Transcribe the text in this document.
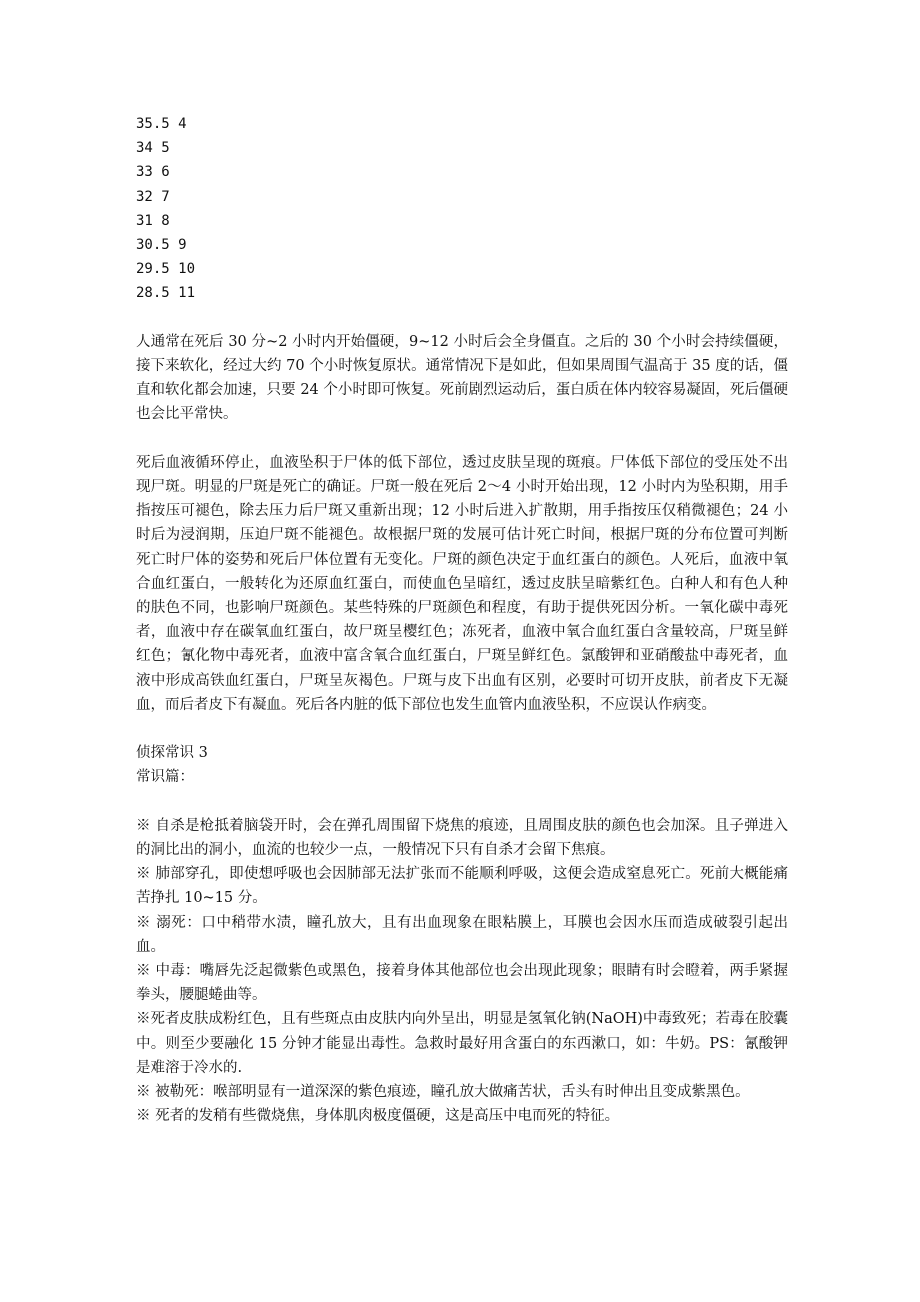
35.5 4
34 5
33 6
32 7
31 8
30.5 9
29.5 10
28.5 11

人通常在死后 30 分~2 小时内开始僵硬，9~12 小时后会全身僵直。之后的 30 个小时会持续僵硬，接下来软化，经过大约 70 个小时恢复原状。通常情况下是如此，但如果周围气温高于 35 度的话，僵直和软化都会加速，只要 24 个小时即可恢复。死前剧烈运动后，蛋白质在体内较容易凝固，死后僵硬也会比平常快。

死后血液循环停止，血液坠积于尸体的低下部位，透过皮肤呈现的斑痕。尸体低下部位的受压处不出现尸斑。明显的尸斑是死亡的确证。尸斑一般在死后 2～4 小时开始出现，12 小时内为坠积期，用手指按压可褪色，除去压力后尸斑又重新出现；12 小时后进入扩散期，用手指按压仅稍微褪色；24 小时后为浸润期，压迫尸斑不能褪色。故根据尸斑的发展可估计死亡时间，根据尸斑的分布位置可判断死亡时尸体的姿势和死后尸体位置有无变化。尸斑的颜色决定于血红蛋白的颜色。人死后，血液中氧合血红蛋白，一般转化为还原血红蛋白，而使血色呈暗红，透过皮肤呈暗紫红色。白种人和有色人种的肤色不同，也影响尸斑颜色。某些特殊的尸斑颜色和程度，有助于提供死因分析。一氧化碳中毒死者，血液中存在碳氧血红蛋白，故尸斑呈樱红色；冻死者，血液中氧合血红蛋白含量较高，尸斑呈鲜红色；氰化物中毒死者，血液中富含氧合血红蛋白，尸斑呈鲜红色。氯酸钾和亚硝酸盐中毒死者，血液中形成高铁血红蛋白，尸斑呈灰褐色。尸斑与皮下出血有区别，必要时可切开皮肤，前者皮下无凝血，而后者皮下有凝血。死后各内脏的低下部位也发生血管内血液坠积，不应误认作病变。

侦探常识 3
常识篇：

※ 自杀是枪抵着脑袋开时，会在弹孔周围留下烧焦的痕迹，且周围皮肤的颜色也会加深。且子弹进入的洞比出的洞小，血流的也较少一点，一般情况下只有自杀才会留下焦痕。

※ 肺部穿孔，即使想呼吸也会因肺部无法扩张而不能顺利呼吸，这便会造成窒息死亡。死前大概能痛苦挣扎 10~15 分。

※ 溺死：口中稍带水渍，瞳孔放大，且有出血现象在眼粘膜上，耳膜也会因水压而造成破裂引起出血。

※ 中毒：嘴唇先泛起微紫色或黑色，接着身体其他部位也会出现此现象；眼睛有时会瞪着，两手紧握拳头，腰腿蜷曲等。

※死者皮肤成粉红色，且有些斑点由皮肤内向外呈出，明显是氢氧化钠(NaOH)中毒致死；若毒在胶囊中。则至少要融化 15 分钟才能显出毒性。急救时最好用含蛋白的东西漱口，如：牛奶。PS：氰酸钾是难溶于冷水的.

※ 被勒死：喉部明显有一道深深的紫色痕迹，瞳孔放大做痛苦状，舌头有时伸出且变成紫黑色。

※ 死者的发稍有些微烧焦，身体肌肉极度僵硬，这是高压中电而死的特征。
